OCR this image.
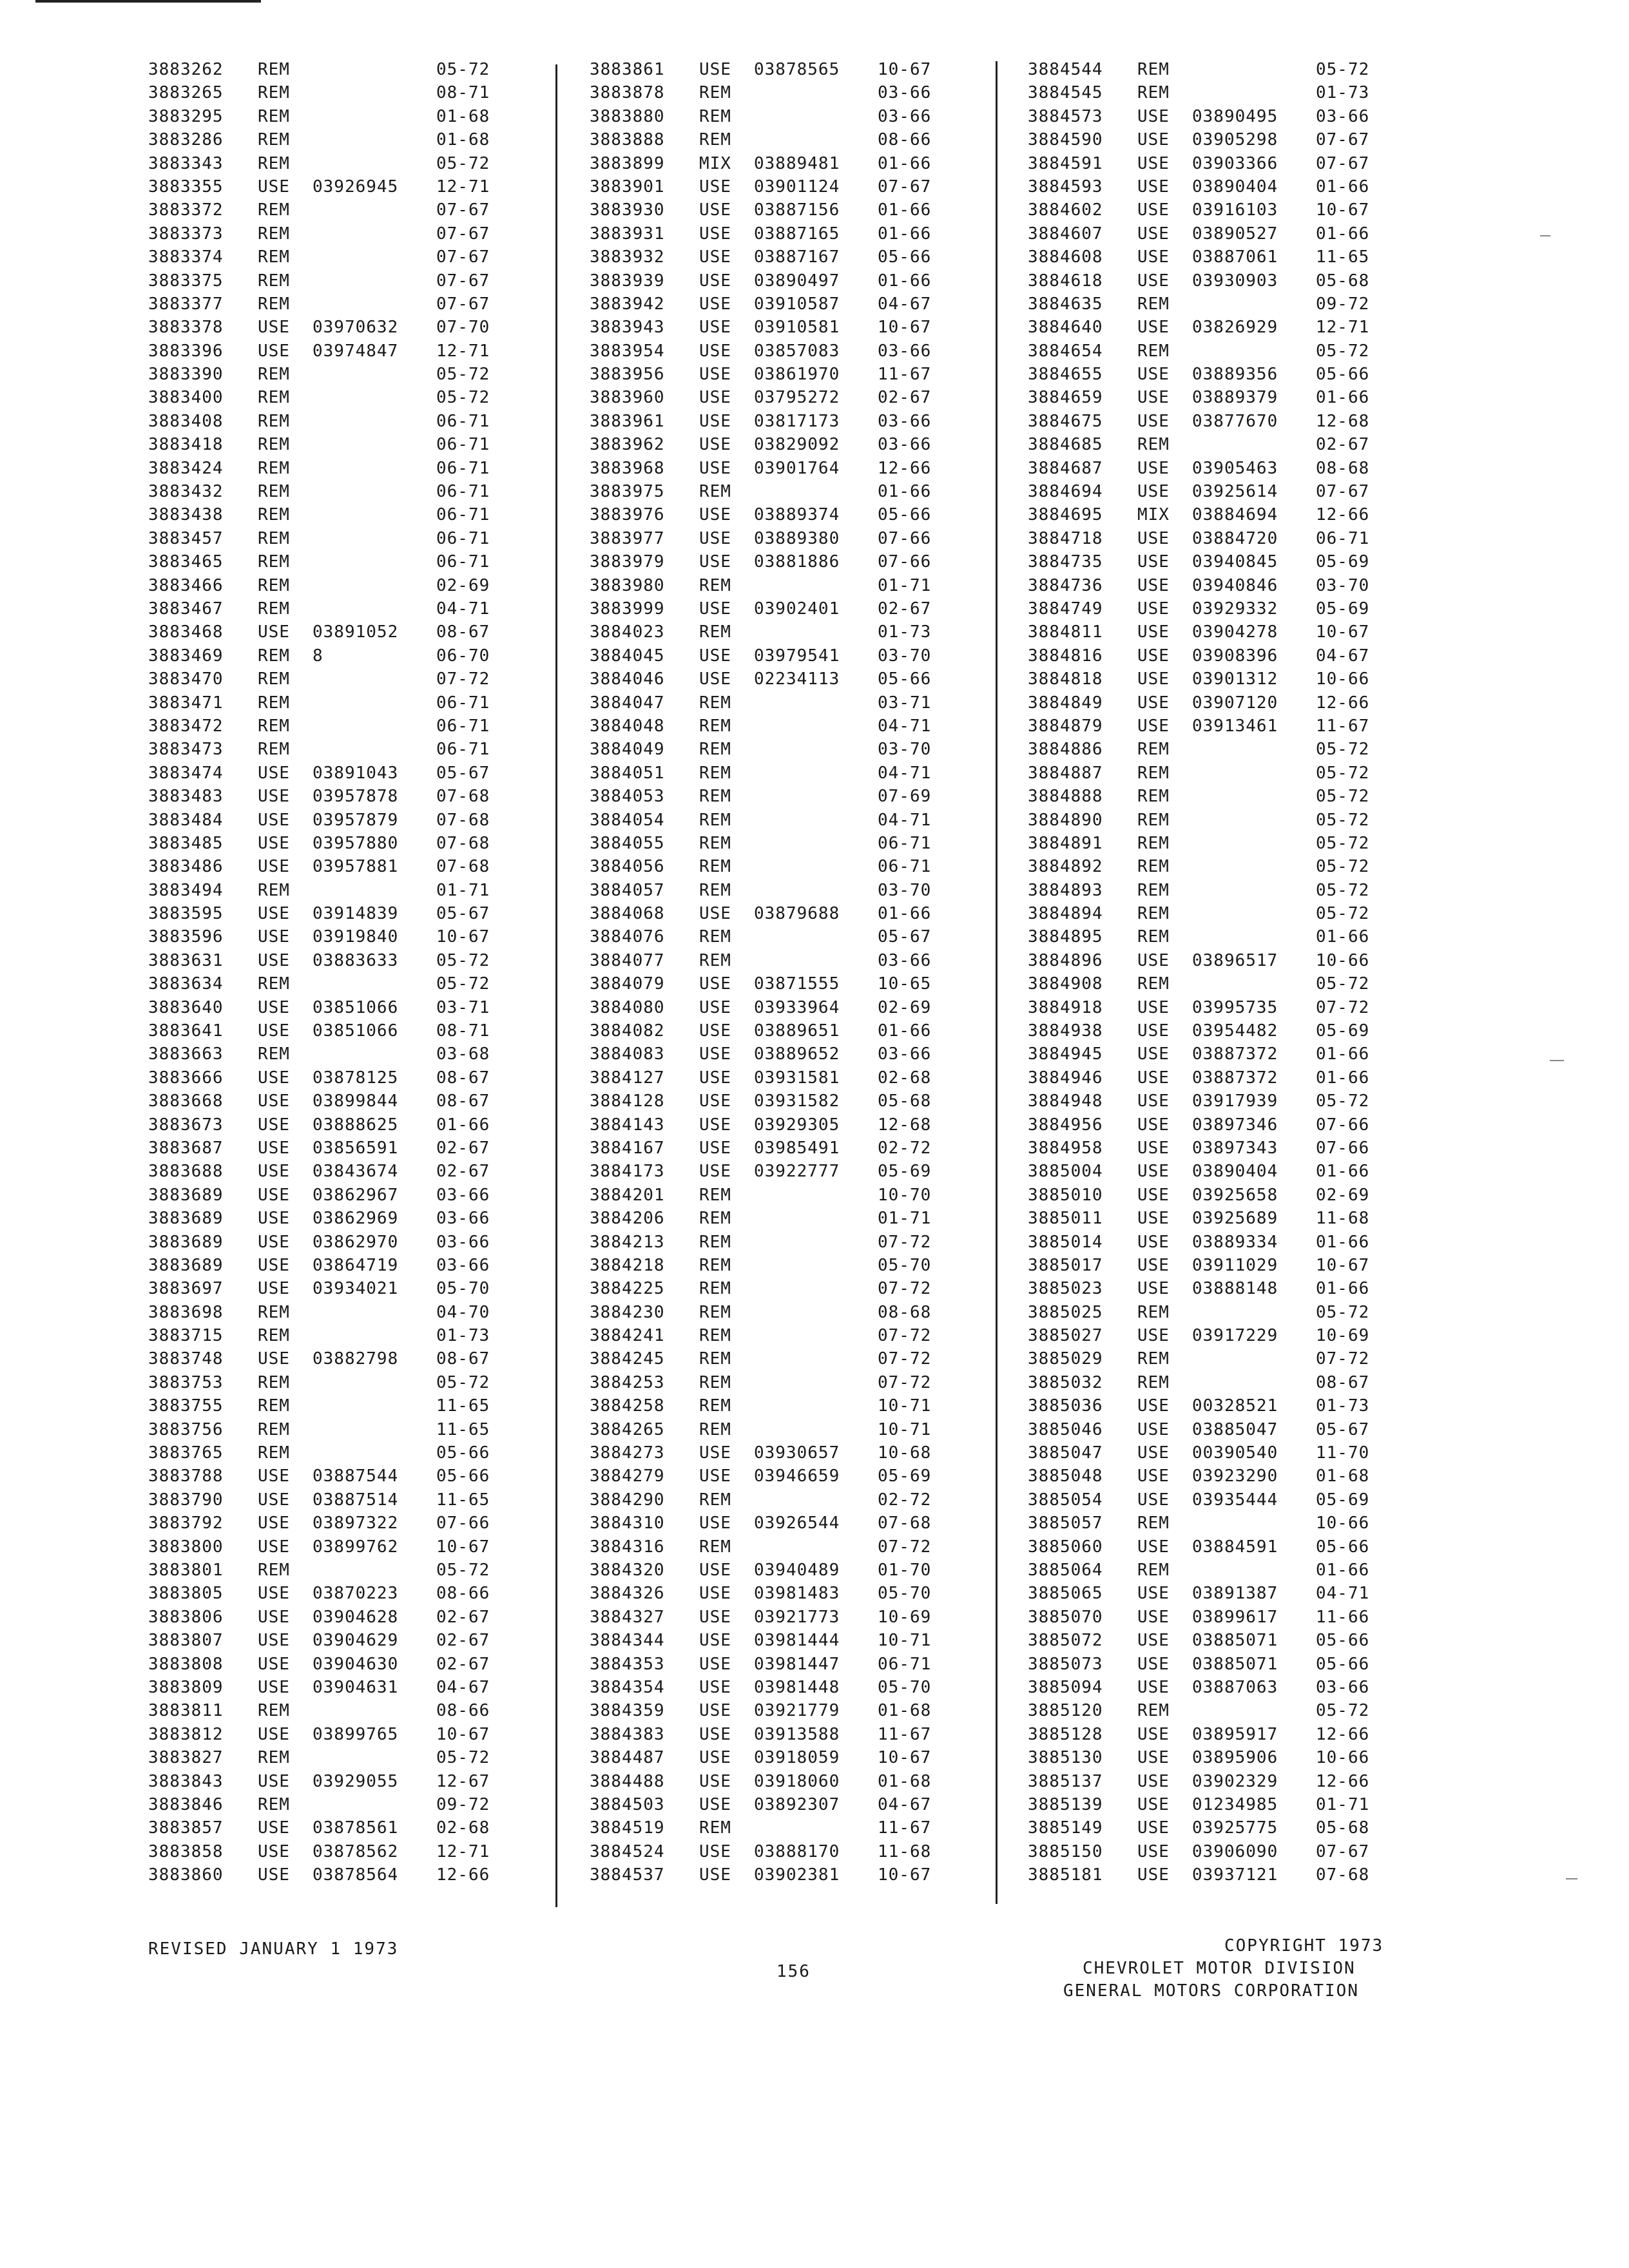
3883262 REM	05-72
3883265 REM	08-71
3883295 REM	01-68
3883286 REM	01-68
3883343 REM	05-72
3883355 USE 03926945 12-71
3883372 REM	07-67
3883373 REM	07-67
3883374 REM	07-67
3883375 REM	07-67
3883377 REM	07-67
3883378 USE 03970632 07-70
3883396 USE 03974847 12-71
3883390 REM	05-72
3883400 REM	05-72
3883408 REM	06-71
3883418 REM	06-71
3883424 REM	06-71
3883432 REM	06-71
3883438 REM	06-71
3883457 REM	06-71
3883465 REM	06-71
3883466 REM	02-69
3883467 REM	04-71
3883468 USE 03891052 08-67
3883469 REM 8	06-70
3883470 REM	07-72
3883471 REM	06-71
3883472 REM	06-71
3883473 REM	06-71
3883474 USE 03891043 05-67
3883483 USE 03957878 07-68
3883484 USE 03957879 07-68
3883485 USE 03957880 07-68
3883486 USE 03957881 07-68
3883494 REM	01-71
3883595 USE 03914839 05-67
3883596 USE 03919840 10-67
3883631 USE 03883633 05-72
3883634 REM	05-72
3883640 USE 03851066 03-71
3883641 USE 03851066 08-71
3883663 REM	03-68
3883666 USE 03878125 08-67
3883668 USE 03899844 08-67
3883673 USE 03888625 01-66
3883687 USE 03856591 02-67
3883688 USE 03843674 02-67
3883689 USE 03862967 03-66
3883689 USE 03862969 03-66
3883689 USE 03862970 03-66
3883689 USE 03864719 03-66
3883697 USE 03934021 05-70
3883698 REM	04-70
3883715 REM	01-73
3883748 USE 03882798 08-67
3883753 REM	05-72
3883755 REM	11-65
3883756 REM	11-65
3883765 REM	05-66
3883788 USE 03887544 05-66
3883790 USE 03887514 11-65
3883792 USE 03897322 07-66
3883800 USE 03899762 10-67
3883801 REM	05-72
3883805 USE 03870223 08-66
3883806 USE 03904628 02-67
3883807 USE 03904629 02-67
3883808 USE 03904630 02-67
3883809 USE 03904631 04-67
3883811 REM	08-66
3883812 USE 03899765 10-67
3883827 REM	05-72
3883843 USE 03929055 12-67
3883846 REM	09-72
3883857 USE 03878561 02-68
3883858 USE 03878562 12-71
3883860 USE 03878564 12-66
3883861 USE 03878565 10-67
3883878 REM	03-66
3883880 REM	03-66
3883888 REM	08-66
3883899 MIX 03889481 01-66
3883901 USE 03901124 07-67
3883930 USE 03887156 01-66
3883931 USE 03887165 01-66
3883932 USE 03887167 05-66
3883939 USE 03890497 01-66
3883942 USE 03910587 04-67
3883943 USE 03910581 10-67
3883954 USE 03857083 03-66
3883956 USE 03861970 11-67
3883960 USE 03795272 02-67
3883961 USE 03817173 03-66
3883962 USE 03829092 03-66
3883968 USE 03901764 12-66
3883975 REM	01-66
3883976 USE 03889374 05-66
3883977 USE 03889380 07-66
3883979 USE 03881886 07-66
3883980 REM	01-71
3883999 USE 03902401 02-67
3884023 REM	01-73
3884045 USE 03979541 03-70
3884046 USE 02234113 05-66
3884047 REM	03-71
3884048 REM	04-71
3884049 REM	03-70
3884051 REM	04-71
3884053 REM	07-69
3884054 REM	04-71
3884055 REM	06-71
3884056 REM	06-71
3884057 REM	03-70
3884068 USE 03879688 01-66
3884076 REM	05-67
3884077 REM	03-66
3884079 USE 03871555 10-65
3884080 USE 03933964 02-69
3884082 USE 03889651 01-66
3884083 USE 03889652 03-66
3884127 USE 03931581 02-68
3884128 USE 03931582 05-68
3884143 USE 03929305 12-68
3884167 USE 03985491 02-72
3884173 USE 03922777 05-69
3884201 REM	10-70
3884206 REM	01-71
3884213 REM	07-72
3884218 REM	05-70
3884225 REM	07-72
3884230 REM	08-68
3884241 REM	07-72
3884245 REM	07-72
3884253 REM	07-72
3884258 REM	10-71
3884265 REM	10-71
3884273 USE 03930657 10-68
3884279 USE 03946659 05-69
3884290 REM	02-72
3884310 USE 03926544 07-68
3884316 REM	07-72
3884320 USE 03940489 01-70
3884326 USE 03981483 05-70
3884327 USE 03921773 10-69
3884344 USE 03981444 10-71
3884353 USE 03981447 06-71
3884354 USE 03981448 05-70
3884359 USE 03921779 01-68
3884383 USE 03913588 11-67
3884487 USE 03918059 10-67
3884488 USE 03918060 01-68
3884503 USE 03892307 04-67
3884519 REM	11-67
3884524 USE 03888170 11-68
3884537 USE 03902381 10-67
3884544 REM	05-72
3884545 REM	01-73
3884573 USE 03890495 03-66
3884590 USE 03905298 07-67
3884591 USE 03903366 07-67
3884593 USE 03890404 01-66
3884602 USE 03916103 10-67
3884607 USE 03890527 01-66
3884608 USE 03887061 11-65
3884618 USE 03930903 05-68
3884635 REM	09-72
3884640 USE 03826929 12-71
3884654 REM	05-72
3884655 USE 03889356 05-66
3884659 USE 03889379 01-66
3884675 USE 03877670 12-68
3884685 REM	02-67
3884687 USE 03905463 08-68
3884694 USE 03925614 07-67
3884695 MIX 03884694 12-66
3884718 USE 03884720 06-71
3884735 USE 03940845 05-69
3884736 USE 03940846 03-70
3884749 USE 03929332 05-69
3884811 USE 03904278 10-67
3884816 USE 03908396 04-67
3884818 USE 03901312 10-66
3884849 USE 03907120 12-66
3884879 USE 03913461 11-67
3884886 REM	05-72
3884887 REM	05-72
3884888 REM	05-72
3884890 REM	05-72
3884891 REM	05-72
3884892 REM	05-72
3884893 REM	05-72
3884894 REM	05-72
3884895 REM	01-66
3884896 USE 03896517 10-66
3884908 REM	05-72
3884918 USE 03995735 07-72
3884938 USE 03954482 05-69
3884945 USE 03887372 01-66
3884946 USE 03887372 01-66
3884948 USE 03917939 05-72
3884956 USE 03897346 07-66
3884958 USE 03897343 07-66
3885004 USE 03890404 01-66
3885010 USE 03925658 02-69
3885011 USE 03925689 11-68
3885014 USE 03889334 01-66
3885017 USE 03911029 10-67
3885023 USE 03888148 01-66
3885025 REM	05-72
3885027 USE 03917229 10-69
3885029 REM	07-72
3885032 REM	08-67
3885036 USE 00328521 01-73
3885046 USE 03885047 05-67
3885047 USE 00390540 11-70
3885048 USE 03923290 01-68
3885054 USE 03935444 05-69
3885057 REM	10-66
3885060 USE 03884591 05-66
3885064 REM	01-66
3885065 USE 03891387 04-71
3885070 USE 03899617 11-66
3885072 USE 03885071 05-66
3885073 USE 03885071 05-66
3885094 USE 03887063 03-66
3885120 REM	05-72
3885128 USE 03895917 12-66
3885130 USE 03895906 10-66
3885137 USE 03902329 12-66
3885139 USE 01234985 01-71
3885149 USE 03925775 05-68
3885150 USE 03906090 07-67
3885181 USE 03937121 07-68
REVISED JANUARY 1 1973
156
COPYRIGHT 1973
CHEVROLET MOTOR DIVISION
GENERAL MOTORS CORPORATION
